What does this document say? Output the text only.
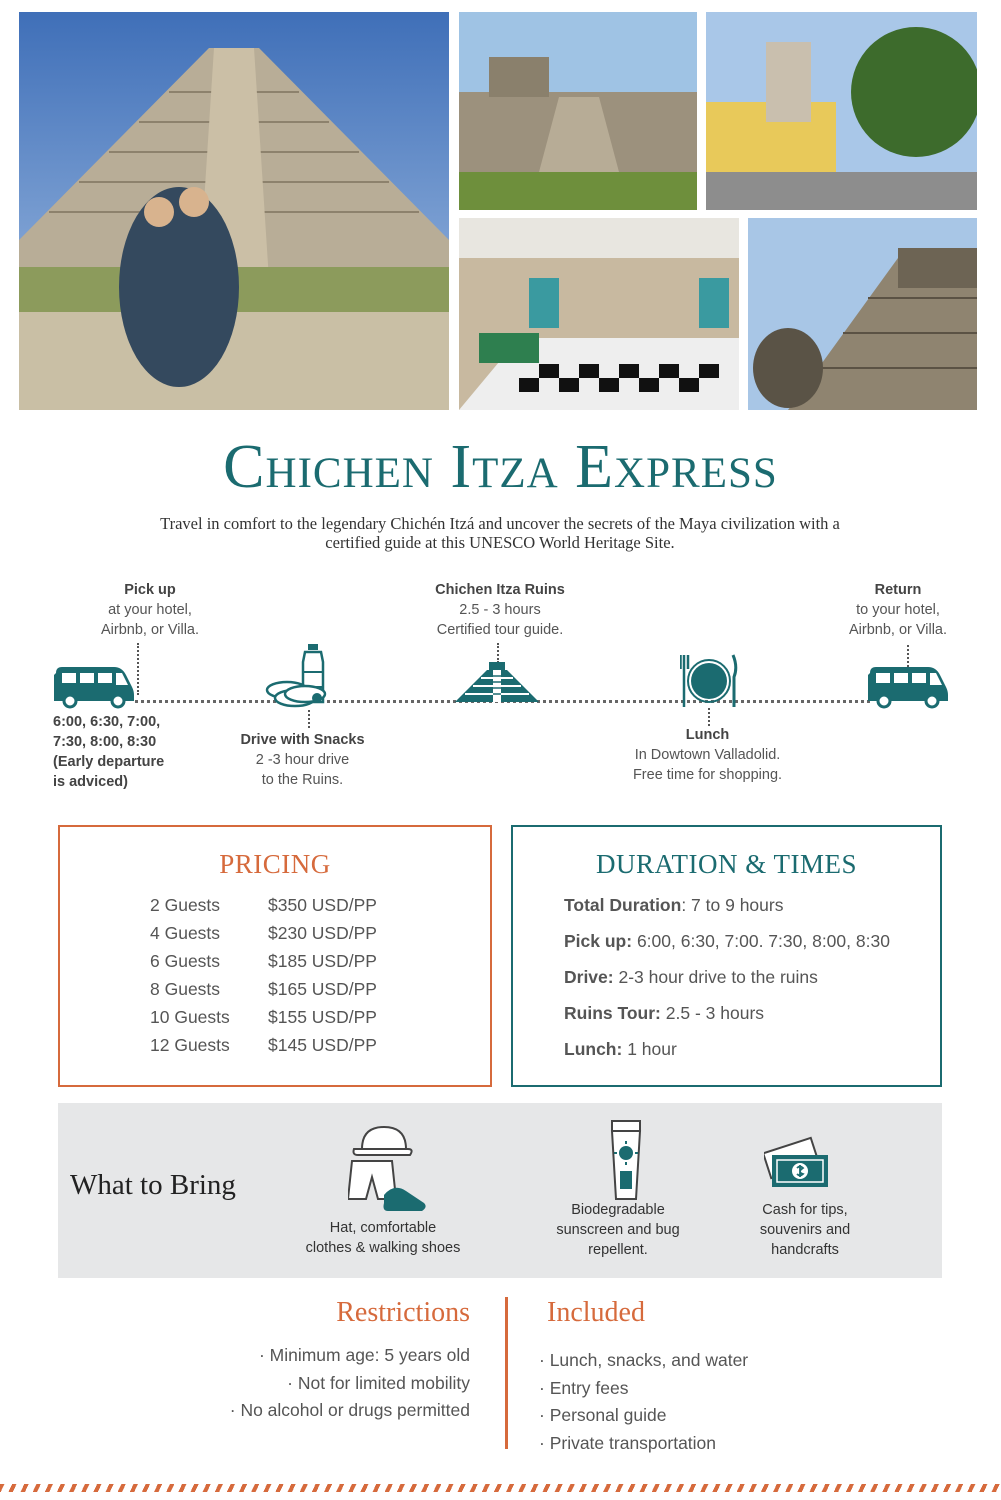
Chichen Itza Express
Travel in comfort to the legendary Chichén Itzá and uncover the secrets of the Maya civilization with a certified guide at this UNESCO World Heritage Site.
Pick up
at your hotel,
Airbnb, or Villa.
6:00, 6:30, 7:00,
7:30, 8:00, 8:30
(Early departure
is adviced)
Drive with Snacks
2 -3 hour drive
to the Ruins.
Chichen Itza Ruins
2.5 - 3 hours
Certified tour guide.
Lunch
In Dowtown Valladolid.
Free time for shopping.
Return
to your hotel,
Airbnb, or Villa.
PRICING
2 Guests	$350 USD/PP
4 Guests	$230 USD/PP
6 Guests	$185 USD/PP
8 Guests	$165 USD/PP
10 Guests $155 USD/PP
12 Guests $145 USD/PP
DURATION & TIMES
Total Duration: 7 to 9 hours
Pick up: 6:00, 6:30, 7:00. 7:30, 8:00, 8:30
Drive: 2-3 hour drive to the ruins
Ruins Tour: 2.5 - 3 hours
Lunch: 1 hour
What to Bring
Hat, comfortable
clothes & walking shoes
Biodegradable
sunscreen and bug
repellent.
Cash for tips,
souvenirs and
handcrafts
Restrictions
· Minimum age: 5 years old
· Not for limited mobility
· No alcohol or drugs permitted
Included
· Lunch, snacks, and water
· Entry fees
· Personal guide
· Private transportation
